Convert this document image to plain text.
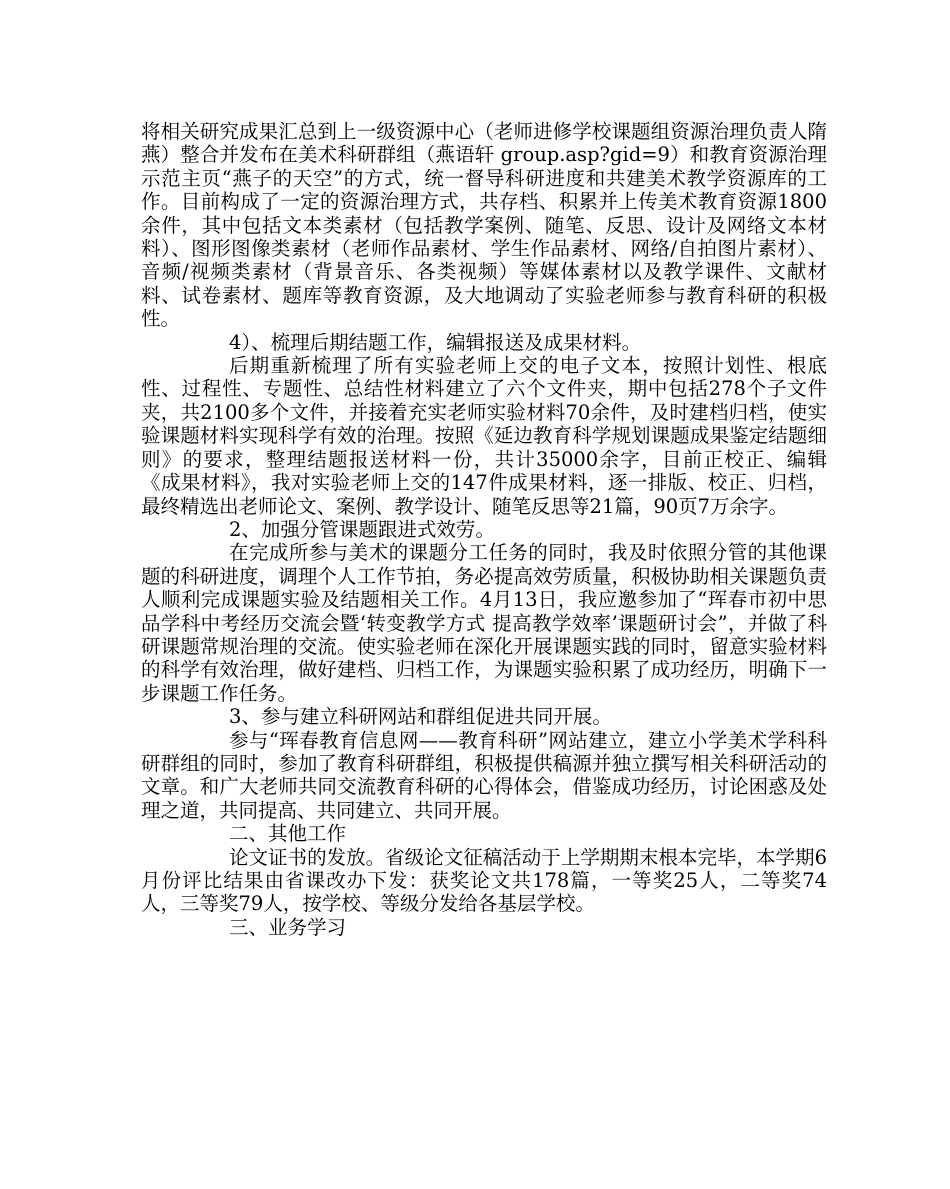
将相关研究成果汇总到上一级资源中心（老师进修学校课题组资源治理负责人隋燕）整合并发布在美术科研群组（燕语轩 group.asp?gid=9）和教育资源治理示范主页“燕子的天空”的方式，统一督导科研进度和共建美术教学资源库的工作。目前构成了一定的资源治理方式，共存档、积累并上传美术教育资源1800余件，其中包括文本类素材（包括教学案例、随笔、反思、设计及网络文本材料）、图形图像类素材（老师作品素材、学生作品素材、网络/自拍图片素材）、音频/视频类素材（背景音乐、各类视频）等媒体素材以及教学课件、文献材料、试卷素材、题库等教育资源，及大地调动了实验老师参与教育科研的积极性。

4）、梳理后期结题工作，编辑报送及成果材料。

后期重新梳理了所有实验老师上交的电子文本，按照计划性、根底性、过程性、专题性、总结性材料建立了六个文件夹，期中包括278个子文件夹，共2100多个文件，并接着充实老师实验材料70余件，及时建档归档，使实验课题材料实现科学有效的治理。按照《延边教育科学规划课题成果鉴定结题细则》的要求，整理结题报送材料一份，共计35000余字，目前正校正、编辑《成果材料》，我对实验老师上交的147件成果材料，逐一排版、校正、归档，最终精选出老师论文、案例、教学设计、随笔反思等21篇，90页7万余字。

2、加强分管课题跟进式效劳。

在完成所参与美术的课题分工任务的同时，我及时依照分管的其他课题的科研进度，调理个人工作节拍，务必提高效劳质量，积极协助相关课题负责人顺利完成课题实验及结题相关工作。4月13日，我应邀参加了“珲春市初中思品学科中考经历交流会暨‘转变教学方式 提高教学效率’课题研讨会”，并做了科研课题常规治理的交流。使实验老师在深化开展课题实践的同时，留意实验材料的科学有效治理，做好建档、归档工作，为课题实验积累了成功经历，明确下一步课题工作任务。

3、参与建立科研网站和群组促进共同开展。

参与“珲春教育信息网——教育科研”网站建立，建立小学美术学科科研群组的同时，参加了教育科研群组，积极提供稿源并独立撰写相关科研活动的文章。和广大老师共同交流教育科研的心得体会，借鉴成功经历，讨论困惑及处理之道，共同提高、共同建立、共同开展。

二、其他工作

论文证书的发放。省级论文征稿活动于上学期期末根本完毕，本学期6月份评比结果由省课改办下发：获奖论文共178篇，一等奖25人，二等奖74人，三等奖79人，按学校、等级分发给各基层学校。

三、业务学习
